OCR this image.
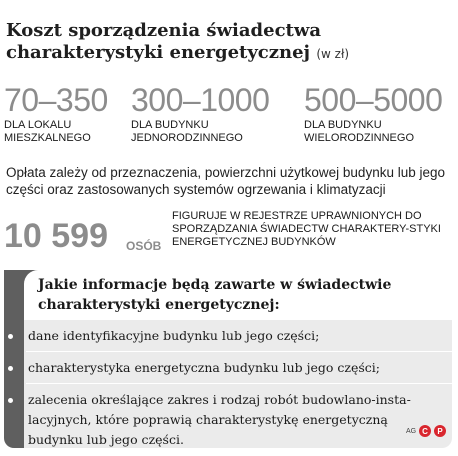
Koszt sporządzenia świadectwa charakterystyki energetycznej (w zł)
70–350
DLA LOKALU
MIESZKALNEGO
300–1000
DLA BUDYNKU
JEDNORODZINNEGO
500–5000
DLA BUDYNKU
WIELORODZINNEGO

Opłata zależy od przeznaczenia, powierzchni użytkowej budynku lub jego części oraz zastosowanych systemów ogrzewania i klimatyzacji

10 599 OSÓB
FIGURUJE W REJESTRZE UPRAWNIONYCH DO SPORZĄDZANIA ŚWIADECTW CHARAKTERY-STYKI ENERGETYCZNEJ BUDYNKÓW
Jakie informacje będą zawarte w świadectwie charakterystyki energetycznej:
dane identyfikacyjne budynku lub jego części;
charakterystyka energetyczna budynku lub jego części;
zalecenia określające zakres i rodzaj robót budowlano-insta-lacyjnych, które poprawią charakterystykę energetyczną budynku lub jego części.
AG C P
